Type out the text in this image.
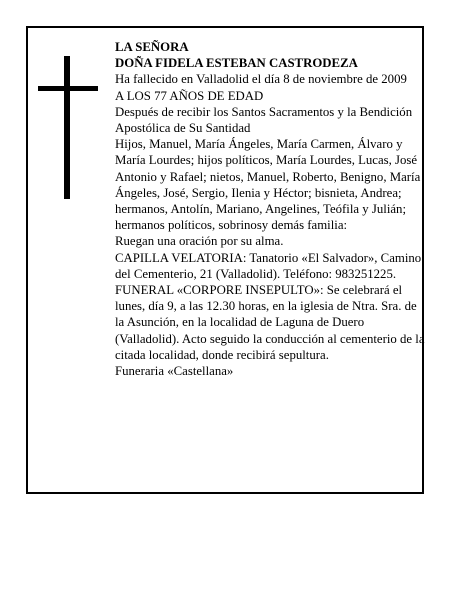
LA SEÑORA

DOÑA FIDELA ESTEBAN CASTRODEZA

Ha fallecido en Valladolid el día 8 de noviembre de 2009

A LOS 77 AÑOS DE EDAD

Después de recibir los Santos Sacramentos y la Bendición Apostólica de Su Santidad

Hijos, Manuel, María Ángeles, María Carmen, Álvaro y María Lourdes; hijos políticos, María Lourdes, Lucas, José Antonio y Rafael; nietos, Manuel, Roberto, Benigno, María Ángeles, José, Sergio, Ilenia y Héctor; bisnieta, Andrea; hermanos, Antolín, Mariano, Angelines, Teófila y Julián; hermanos políticos, sobrinosy demás familia:

Ruegan una oración por su alma.

CAPILLA VELATORIA: Tanatorio «El Salvador», Camino del Cementerio, 21 (Valladolid). Teléfono: 983251225.

FUNERAL «CORPORE INSEPULTO»: Se celebrará el lunes, día 9, a las 12.30 horas, en la iglesia de Ntra. Sra. de la Asunción, en la localidad de Laguna de Duero (Valladolid). Acto seguido la conducción al cementerio de la citada localidad, donde recibirá sepultura.

Funeraria «Castellana»
